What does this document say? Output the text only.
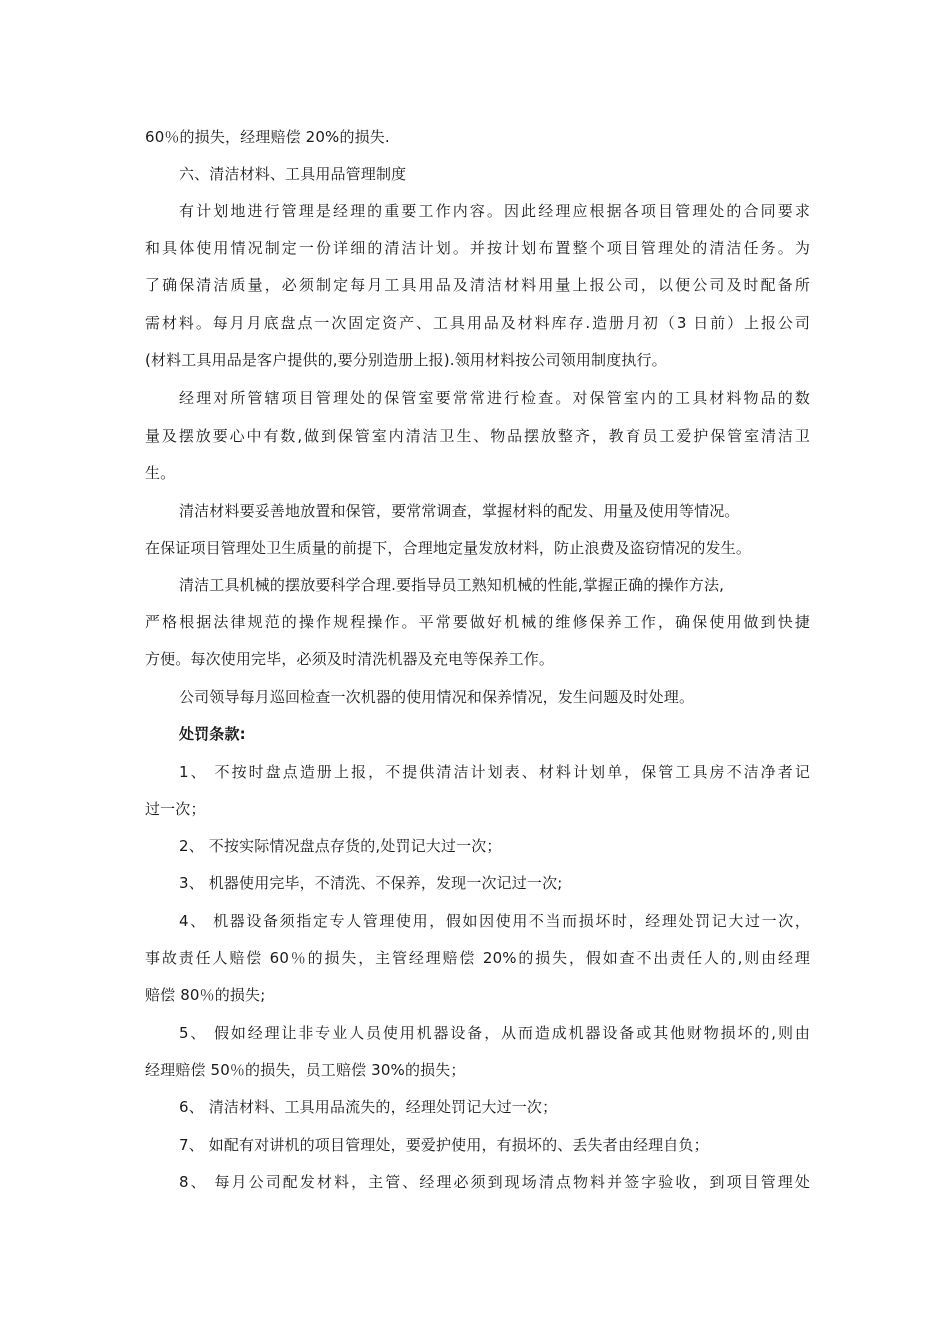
60％的损失，经理赔偿 20%的损失.
六、清洁材料、工具用品管理制度
有计划地进行管理是经理的重要工作内容。因此经理应根据各项目管理处的合同要求
和具体使用情况制定一份详细的清洁计划。并按计划布置整个项目管理处的清洁任务。为
了确保清洁质量，必须制定每月工具用品及清洁材料用量上报公司，以便公司及时配备所
需材料。每月月底盘点一次固定资产、工具用品及材料库存.造册月初（3 日前）上报公司
(材料工具用品是客户提供的,要分别造册上报).领用材料按公司领用制度执行。
经理对所管辖项目管理处的保管室要常常进行检查。对保管室内的工具材料物品的数
量及摆放要心中有数,做到保管室内清洁卫生、物品摆放整齐，教育员工爱护保管室清洁卫
生。
清洁材料要妥善地放置和保管，要常常调查，掌握材料的配发、用量及使用等情况。
在保证项目管理处卫生质量的前提下，合理地定量发放材料，防止浪费及盗窃情况的发生。
清洁工具机械的摆放要科学合理.要指导员工熟知机械的性能,掌握正确的操作方法,
严格根据法律规范的操作规程操作。平常要做好机械的维修保养工作，确保使用做到快捷
方便。每次使用完毕，必须及时清洗机器及充电等保养工作。
公司领导每月巡回检查一次机器的使用情况和保养情况，发生问题及时处理。
处罚条款:
1、 不按时盘点造册上报，不提供清洁计划表、材料计划单，保管工具房不洁净者记
过一次；
2、 不按实际情况盘点存货的,处罚记大过一次；
3、 机器使用完毕，不清洗、不保养，发现一次记过一次;
4、 机器设备须指定专人管理使用，假如因使用不当而损坏时，经理处罚记大过一次，
事故责任人赔偿 60％的损失，主管经理赔偿 20%的损失，假如查不出责任人的,则由经理
赔偿 80％的损失;
5、 假如经理让非专业人员使用机器设备，从而造成机器设备或其他财物损坏的,则由
经理赔偿 50％的损失，员工赔偿 30%的损失；
6、 清洁材料、工具用品流失的，经理处罚记大过一次；
7、 如配有对讲机的项目管理处，要爱护使用，有损坏的、丢失者由经理自负；
8、 每月公司配发材料，主管、经理必须到现场清点物料并签字验收，到项目管理处
